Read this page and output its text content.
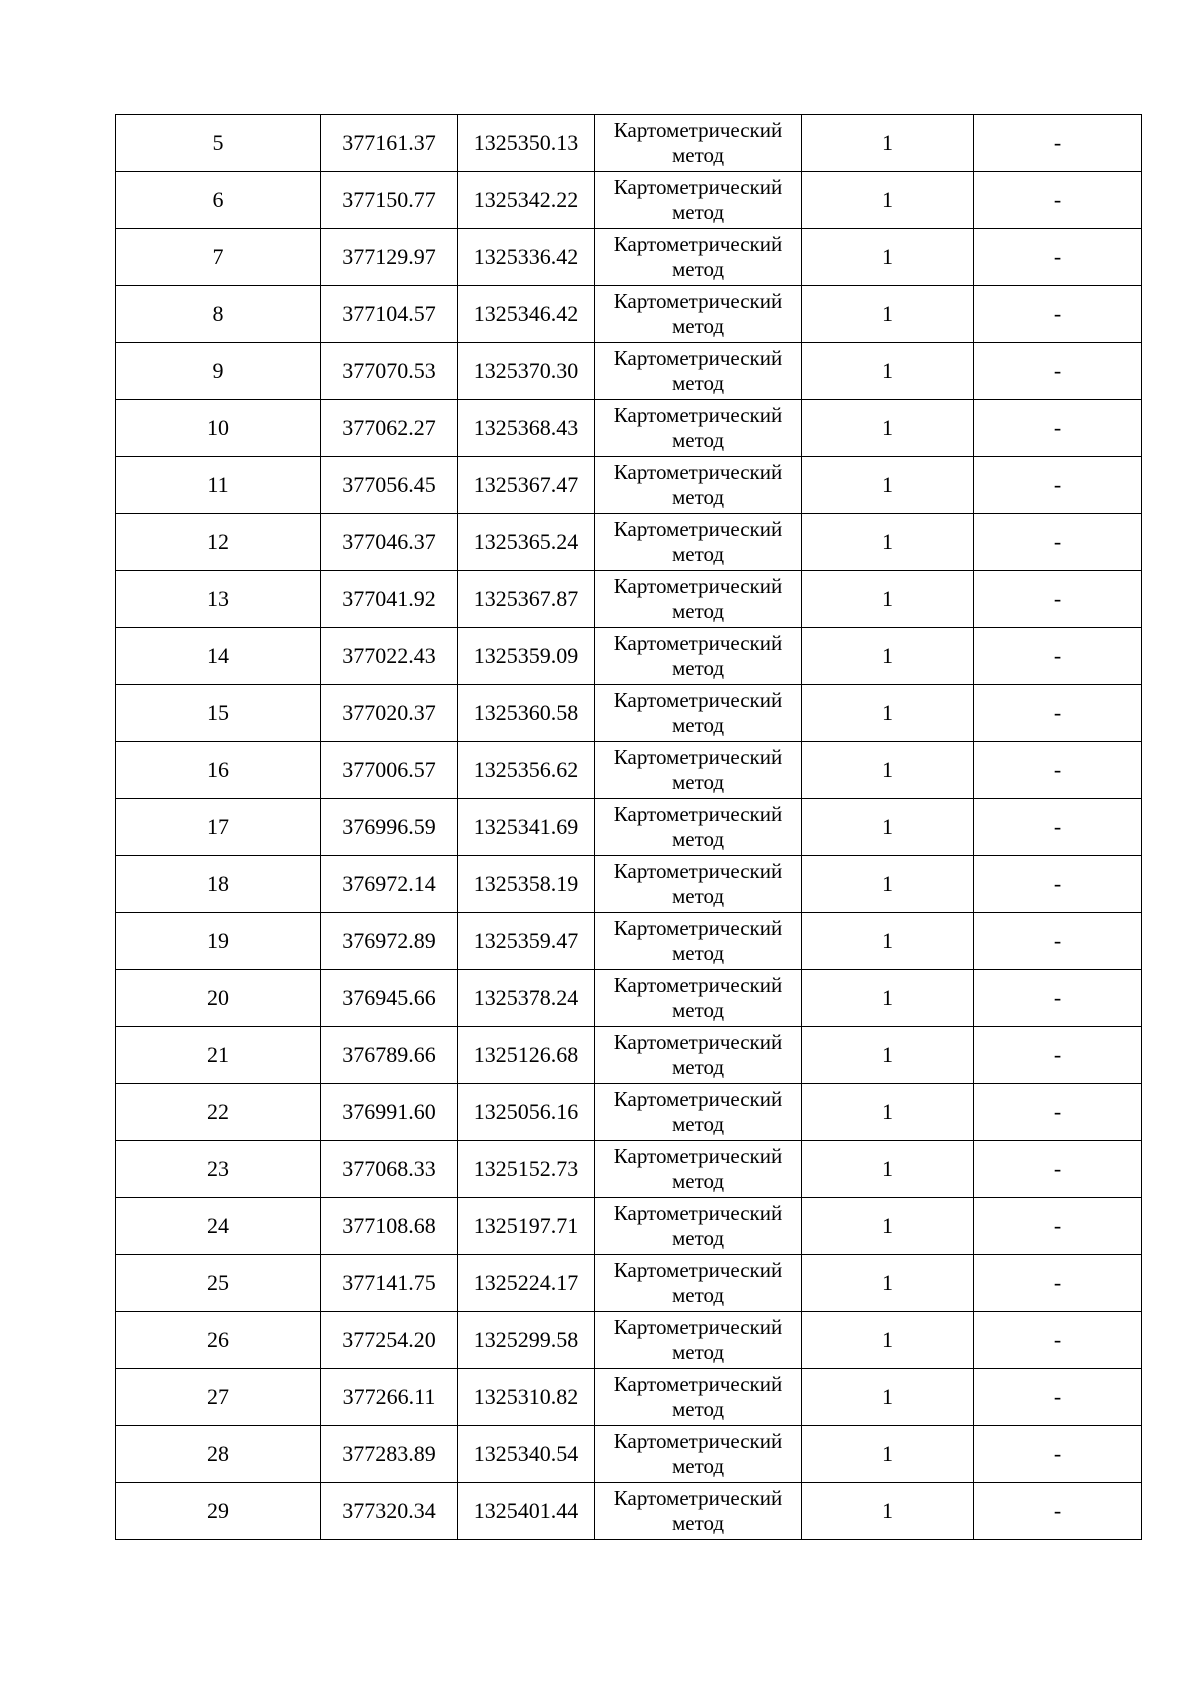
5	377161.37	1325350.13	Картометрический метод	1	-
6	377150.77	1325342.22	Картометрический метод	1	-
7	377129.97	1325336.42	Картометрический метод	1	-
8	377104.57	1325346.42	Картометрический метод	1	-
9	377070.53	1325370.30	Картометрический метод	1	-
10	377062.27	1325368.43	Картометрический метод	1	-
11	377056.45	1325367.47	Картометрический метод	1	-
12	377046.37	1325365.24	Картометрический метод	1	-
13	377041.92	1325367.87	Картометрический метод	1	-
14	377022.43	1325359.09	Картометрический метод	1	-
15	377020.37	1325360.58	Картометрический метод	1	-
16	377006.57	1325356.62	Картометрический метод	1	-
17	376996.59	1325341.69	Картометрический метод	1	-
18	376972.14	1325358.19	Картометрический метод	1	-
19	376972.89	1325359.47	Картометрический метод	1	-
20	376945.66	1325378.24	Картометрический метод	1	-
21	376789.66	1325126.68	Картометрический метод	1	-
22	376991.60	1325056.16	Картометрический метод	1	-
23	377068.33	1325152.73	Картометрический метод	1	-
24	377108.68	1325197.71	Картометрический метод	1	-
25	377141.75	1325224.17	Картометрический метод	1	-
26	377254.20	1325299.58	Картометрический метод	1	-
27	377266.11	1325310.82	Картометрический метод	1	-
28	377283.89	1325340.54	Картометрический метод	1	-
29	377320.34	1325401.44	Картометрический метод	1	-
